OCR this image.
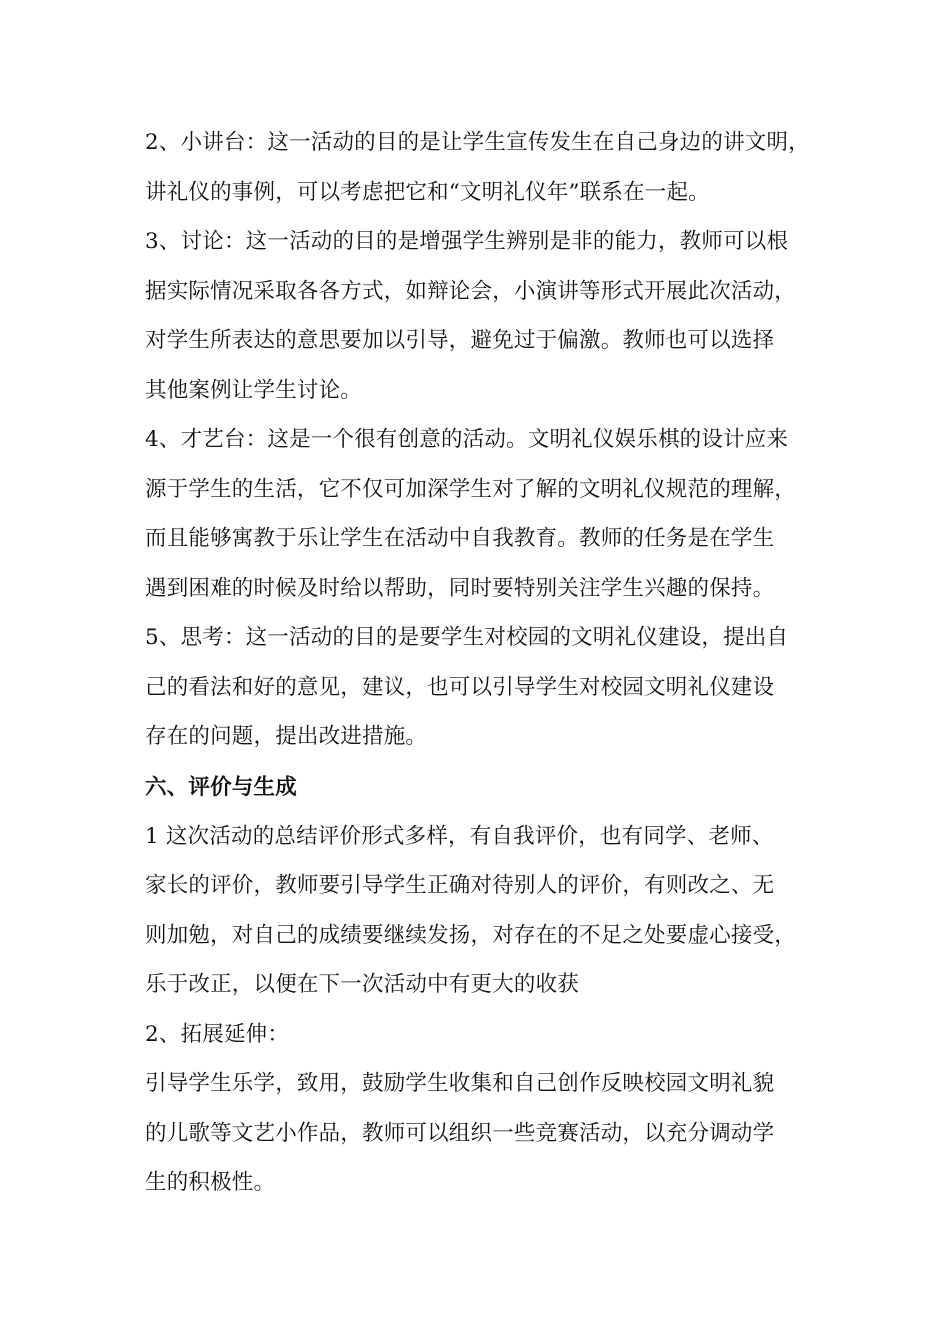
2、小讲台：这一活动的目的是让学生宣传发生在自己身边的讲文明，
讲礼仪的事例，可以考虑把它和“文明礼仪年”联系在一起。
3、讨论：这一活动的目的是增强学生辨别是非的能力，教师可以根
据实际情况采取各各方式，如辩论会，小演讲等形式开展此次活动，
对学生所表达的意思要加以引导，避免过于偏激。教师也可以选择
其他案例让学生讨论。
4、才艺台：这是一个很有创意的活动。文明礼仪娱乐棋的设计应来
源于学生的生活，它不仅可加深学生对了解的文明礼仪规范的理解，
而且能够寓教于乐让学生在活动中自我教育。教师的任务是在学生
遇到困难的时候及时给以帮助，同时要特别关注学生兴趣的保持。
5、思考：这一活动的目的是要学生对校园的文明礼仪建设，提出自
己的看法和好的意见，建议，也可以引导学生对校园文明礼仪建设
存在的问题，提出改进措施。
六、评价与生成
1 这次活动的总结评价形式多样，有自我评价，也有同学、老师、
家长的评价，教师要引导学生正确对待别人的评价，有则改之、无
则加勉，对自己的成绩要继续发扬，对存在的不足之处要虚心接受，
乐于改正，以便在下一次活动中有更大的收获
2、拓展延伸：
引导学生乐学，致用，鼓励学生收集和自己创作反映校园文明礼貌
的儿歌等文艺小作品，教师可以组织一些竞赛活动，以充分调动学
生的积极性。
